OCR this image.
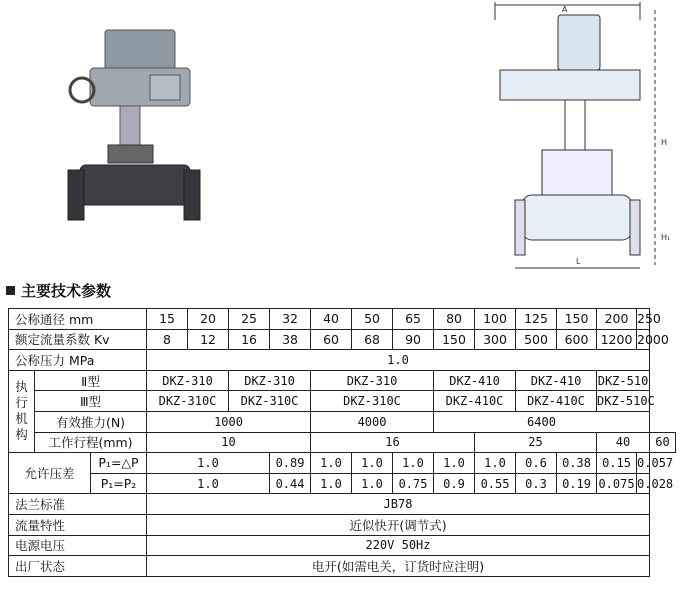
A
H
H₁
L
主要技术参数
公称通径 mm			15	20	25	32	40	50	65	80	100	125	150	200	250	
额定流量系数 Kv			8	12	16	38	60	68	90	150	300	500	600	1200	2000	
公称压力 MPa			1.0													
执
行
机
构	Ⅱ型		DKZ-310		DKZ-310		DKZ-310			DKZ-410		DKZ-410		DKZ-510		
	Ⅲ型		DKZ-310C		DKZ-310C		DKZ-310C			DKZ-410C		DKZ-410C		DKZ-510C		
	有效推力(N)		1000				4000			6400						
	工作行程(mm)		10				16				25			40		60
允许压差		P₁=△P	1.0			0.89	1.0	1.0	1.0	1.0	1.0	0.6	0.38	0.15	0.057	
		P₁=P₂	1.0			0.44	1.0	1.0	0.75	0.9	0.55	0.3	0.19	0.075	0.028	
法兰标准			JB78													
流量特性			近似快开(调节式)													
电源电压			220V 50Hz													
出厂状态			电开(如需电关，订货时应注明)													
